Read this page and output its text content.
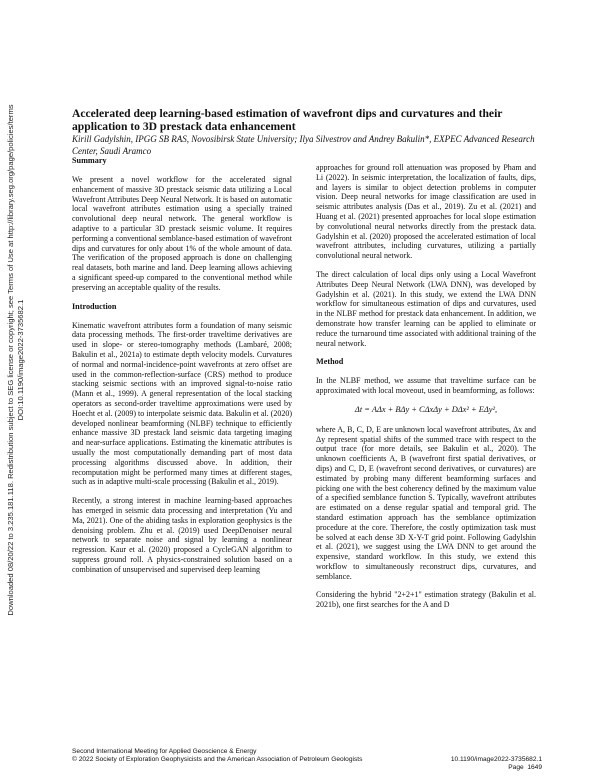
Downloaded 08/20/22 to 3.235.181.118. Redistribution subject to SEG license or copyright; see Terms of Use at http://library.seg.org/page/policies/terms DOI:10.1190/image2022-3735682.1
Accelerated deep learning-based estimation of wavefront dips and curvatures and their application to 3D prestack data enhancement

Kirill Gadylshin, IPGG SB RAS, Novosibirsk State University; Ilya Silvestrov and Andrey Bakulin*, EXPEC Advanced Research Center, Saudi Aramco

Summary

We present a novel workflow for the accelerated signal enhancement of massive 3D prestack seismic data utilizing a Local Wavefront Attributes Deep Neural Network. It is based on automatic local wavefront attributes estimation using a specially trained convolutional deep neural network. The general workflow is adaptive to a particular 3D prestack seismic volume. It requires performing a conventional semblance-based estimation of wavefront dips and curvatures for only about 1% of the whole amount of data. The verification of the proposed approach is done on challenging real datasets, both marine and land. Deep learning allows achieving a significant speed-up compared to the conventional method while preserving an acceptable quality of the results.

Introduction

Kinematic wavefront attributes form a foundation of many seismic data processing methods. The first-order traveltime derivatives are used in slope- or stereo-tomography methods (Lambaré, 2008; Bakulin et al., 2021a) to estimate depth velocity models. Curvatures of normal and normal-incidence-point wavefronts at zero offset are used in the common-reflection-surface (CRS) method to produce stacking seismic sections with an improved signal-to-noise ratio (Mann et al., 1999). A general representation of the local stacking operators as second-order traveltime approximations were used by Hoecht et al. (2009) to interpolate seismic data. Bakulin et al. (2020) developed nonlinear beamforming (NLBF) technique to efficiently enhance massive 3D prestack land seismic data targeting imaging and near-surface applications. Estimating the kinematic attributes is usually the most computationally demanding part of most data processing algorithms discussed above. In addition, their recomputation might be performed many times at different stages, such as in adaptive multi-scale processing (Bakulin et al., 2019).

Recently, a strong interest in machine learning-based approaches has emerged in seismic data processing and interpretation (Yu and Ma, 2021). One of the abiding tasks in exploration geophysics is the denoising problem. Zhu et al. (2019) used DeepDenoiser neural network to separate noise and signal by learning a nonlinear regression. Kaur et al. (2020) proposed a CycleGAN algorithm to suppress ground roll. A physics-constrained solution based on a combination of unsupervised and supervised deep learning

approaches for ground roll attenuation was proposed by Pham and Li (2022). In seismic interpretation, the localization of faults, dips, and layers is similar to object detection problems in computer vision. Deep neural networks for image classification are used in seismic attributes analysis (Das et al., 2019). Zu et al. (2021) and Huang et al. (2021) presented approaches for local slope estimation by convolutional neural networks directly from the prestack data. Gadylshin et al. (2020) proposed the accelerated estimation of local wavefront attributes, including curvatures, utilizing a partially convolutional neural network.

The direct calculation of local dips only using a Local Wavefront Attributes Deep Neural Network (LWA DNN), was developed by Gadylshin et al. (2021). In this study, we extend the LWA DNN workflow for simultaneous estimation of dips and curvatures, used in the NLBF method for prestack data enhancement. In addition, we demonstrate how transfer learning can be applied to eliminate or reduce the turnaround time associated with additional training of the neural network.

Method

In the NLBF method, we assume that traveltime surface can be approximated with local moveout, used in beamforming, as follows:

Δt = AΔx + BΔy + CΔxΔy + DΔx² + EΔy²,

where A, B, C, D, E are unknown local wavefront attributes, Δx and Δy represent spatial shifts of the summed trace with respect to the output trace (for more details, see Bakulin et al., 2020). The unknown coefficients A, B (wavefront first spatial derivatives, or dips) and C, D, E (wavefront second derivatives, or curvatures) are estimated by probing many different beamforming surfaces and picking one with the best coherency defined by the maximum value of a specified semblance function S. Typically, wavefront attributes are estimated on a dense regular spatial and temporal grid. The standard estimation approach has the semblance optimization procedure at the core. Therefore, the costly optimization task must be solved at each dense 3D X-Y-T grid point. Following Gadylshin et al. (2021), we suggest using the LWA DNN to get around the expensive, standard workflow. In this study, we extend this workflow to simultaneously reconstruct dips, curvatures, and semblance.

Considering the hybrid "2+2+1" estimation strategy (Bakulin et al. 2021b), one first searches for the A and D

Second International Meeting for Applied Geoscience & Energy
© 2022 Society of Exploration Geophysicists and the American Association of Petroleum Geologists	10.1190/image2022-3735682.1
Page
1649
